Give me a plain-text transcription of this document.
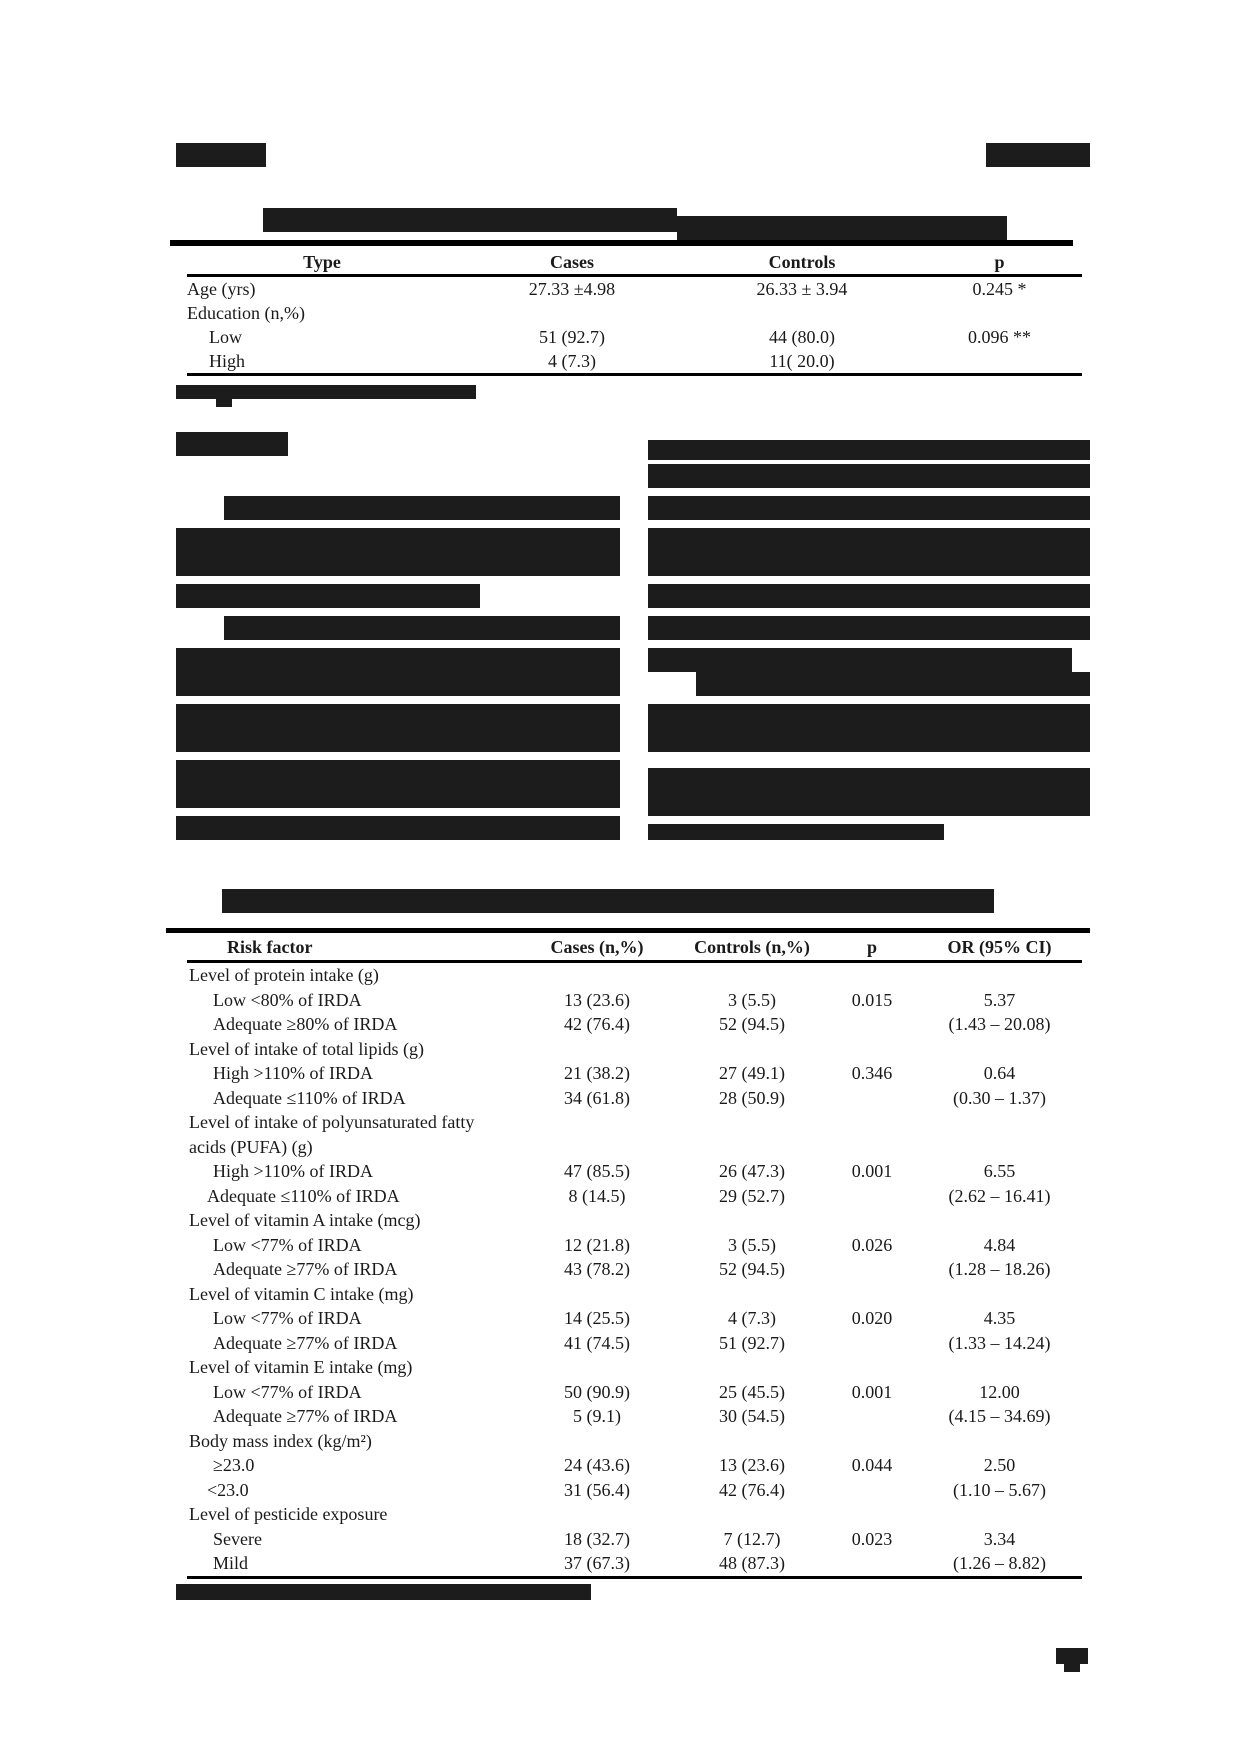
Type	Cases	Controls	p
Age (yrs)	27.33 ±4.98	26.33 ± 3.94	0.245 *
Education (n,%)			
Low	51 (92.7)	44 (80.0)	0.096 **
High	4 (7.3)	11( 20.0)	
Risk factor	Cases (n,%)	Controls (n,%)	p	OR (95% CI)
Level of protein intake (g)				
Low <80% of IRDA	13 (23.6)	3 (5.5)	0.015	5.37
Adequate ≥80% of IRDA	42 (76.4)	52 (94.5)		(1.43 – 20.08)
Level of intake of total lipids (g)				
High >110% of IRDA	21 (38.2)	27 (49.1)	0.346	0.64
Adequate ≤110% of IRDA	34 (61.8)	28 (50.9)		(0.30 – 1.37)
Level of intake of polyunsaturated fatty				
acids (PUFA) (g)				
High >110% of IRDA	47 (85.5)	26 (47.3)	0.001	6.55
Adequate ≤110% of IRDA	8 (14.5)	29 (52.7)		(2.62 – 16.41)
Level of vitamin A intake (mcg)				
Low <77% of IRDA	12 (21.8)	3 (5.5)	0.026	4.84
Adequate ≥77% of IRDA	43 (78.2)	52 (94.5)		(1.28 – 18.26)
Level of vitamin C intake (mg)				
Low <77% of IRDA	14 (25.5)	4 (7.3)	0.020	4.35
Adequate ≥77% of IRDA	41 (74.5)	51 (92.7)		(1.33 – 14.24)
Level of vitamin E intake (mg)				
Low <77% of IRDA	50 (90.9)	25 (45.5)	0.001	12.00
Adequate ≥77% of IRDA	5 (9.1)	30 (54.5)		(4.15 – 34.69)
Body mass index (kg/m²)				
≥23.0	24 (43.6)	13 (23.6)	0.044	2.50
<23.0	31 (56.4)	42 (76.4)		(1.10 – 5.67)
Level of pesticide exposure				
Severe	18 (32.7)	7 (12.7)	0.023	3.34
Mild	37 (67.3)	48 (87.3)		(1.26 – 8.82)
